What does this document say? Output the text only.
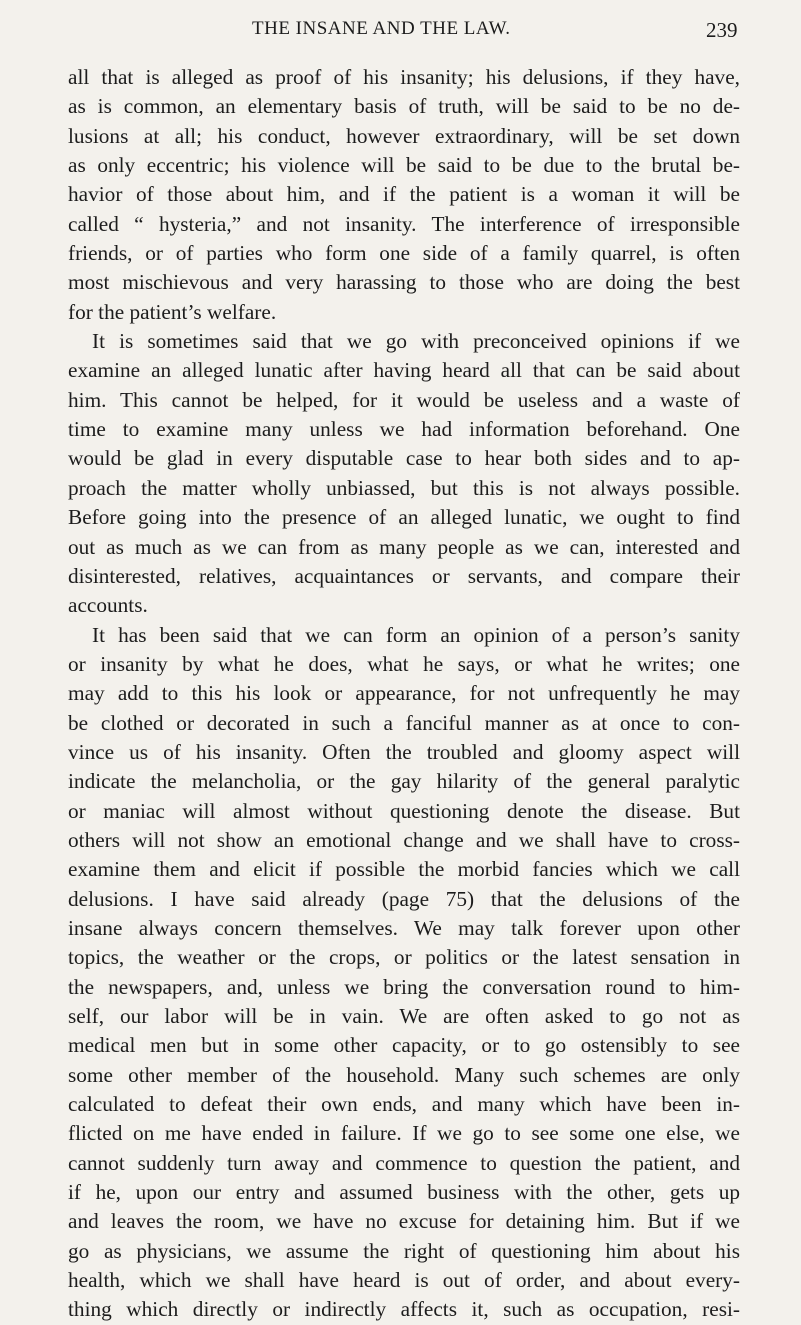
THE INSANE AND THE LAW.	239
all that is alleged as proof of his insanity; his delusions, if they have,
as is common, an elementary basis of truth, will be said to be no de-
lusions at all; his conduct, however extraordinary, will be set down
as only eccentric; his violence will be said to be due to the brutal be-
havior of those about him, and if the patient is a woman it will be
called “ hysteria,” and not insanity. The interference of irresponsible
friends, or of parties who form one side of a family quarrel, is often
most mischievous and very harassing to those who are doing the best
for the patient’s welfare.
It is sometimes said that we go with preconceived opinions if we
examine an alleged lunatic after having heard all that can be said about
him. This cannot be helped, for it would be useless and a waste of
time to examine many unless we had information beforehand. One
would be glad in every disputable case to hear both sides and to ap-
proach the matter wholly unbiassed, but this is not always possible.
Before going into the presence of an alleged lunatic, we ought to find
out as much as we can from as many people as we can, interested and
disinterested, relatives, acquaintances or servants, and compare their
accounts.
It has been said that we can form an opinion of a person’s sanity
or insanity by what he does, what he says, or what he writes; one
may add to this his look or appearance, for not unfrequently he may
be clothed or decorated in such a fanciful manner as at once to con-
vince us of his insanity. Often the troubled and gloomy aspect will
indicate the melancholia, or the gay hilarity of the general paralytic
or maniac will almost without questioning denote the disease. But
others will not show an emotional change and we shall have to cross-
examine them and elicit if possible the morbid fancies which we call
delusions. I have said already (page 75) that the delusions of the
insane always concern themselves. We may talk forever upon other
topics, the weather or the crops, or politics or the latest sensation in
the newspapers, and, unless we bring the conversation round to him-
self, our labor will be in vain. We are often asked to go not as
medical men but in some other capacity, or to go ostensibly to see
some other member of the household. Many such schemes are only
calculated to defeat their own ends, and many which have been in-
flicted on me have ended in failure. If we go to see some one else, we
cannot suddenly turn away and commence to question the patient, and
if he, upon our entry and assumed business with the other, gets up
and leaves the room, we have no excuse for detaining him. But if we
go as physicians, we assume the right of questioning him about his
health, which we shall have heard is out of order, and about every-
thing which directly or indirectly affects it, such as occupation, resi-
